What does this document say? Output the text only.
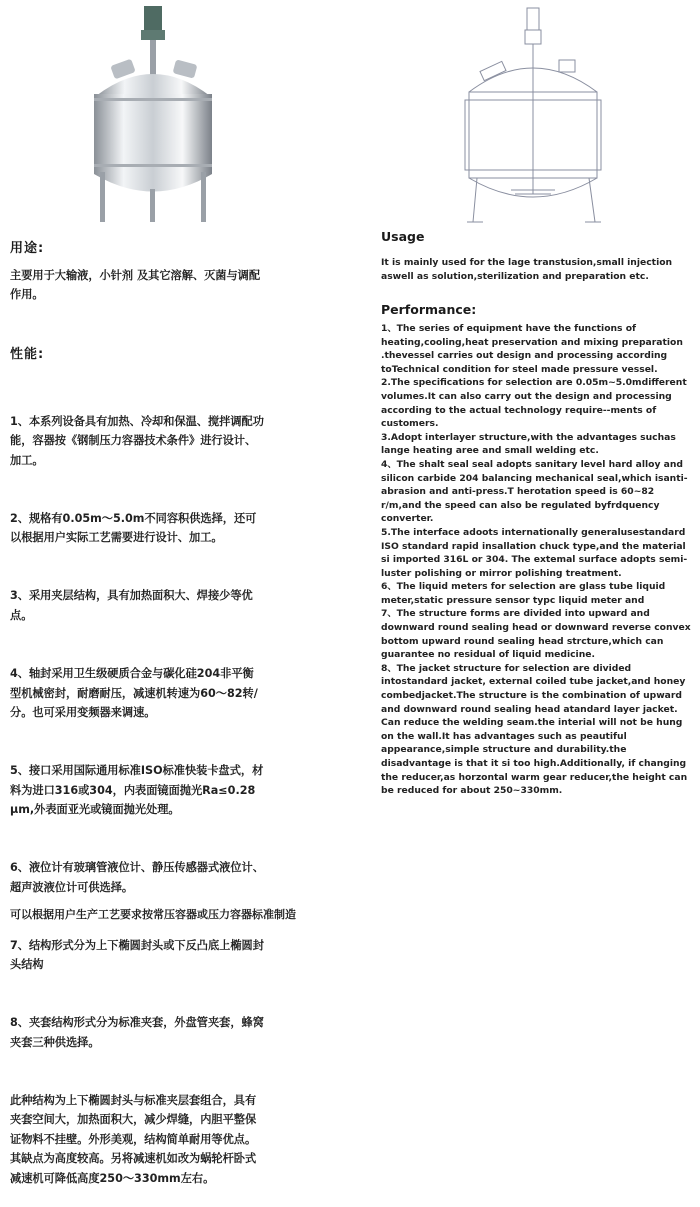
用途:

主要用于大输液，小针剂 及其它溶解、灭菌与调配作用。

性能:

1、本系列设备具有加热、冷却和保温、搅拌调配功能，容器按《钢制压力容器技术条件》进行设计、加工。

2、规格有0.05m～5.0m不同容积供选择，还可以根据用户实际工艺需要进行设计、加工。

3、采用夹层结构，具有加热面积大、焊接少等优点。

4、轴封采用卫生级硬质合金与碳化硅204非平衡型机械密封，耐磨耐压，减速机转速为60～82转/分。也可采用变频器来调速。

5、接口采用国际通用标准ISO标准快装卡盘式，材料为进口316或304，内表面镜面抛光Ra≤0.28 μm,外表面亚光或镜面抛光处理。

6、液位计有玻璃管液位计、静压传感器式液位计、超声波液位计可供选择。

7、结构形式分为上下椭圆封头或下反凸底上椭圆封头结构

8、夹套结构形式分为标准夹套，外盘管夹套，蜂窝夹套三种供选择。

此种结构为上下椭圆封头与标准夹层套组合，具有夹套空间大，加热面积大，减少焊缝，内胆平整保证物料不挂壁。外形美观，结构简单耐用等优点。其缺点为高度较高。另将减速机如改为蜗轮杆卧式减速机可降低高度250～330mm左右。

Usage

It is mainly used for the lage transtusion,small injection aswell as solution,sterilization and preparation etc.

Performance:

1、The series of equipment have the functions of heating,cooling,heat preservation and mixing preparation .thevessel carries out design and processing according toTechnical condition for steel made pressure vessel.

2.The specifications for selection are 0.05m~5.0mdifferent volumes.It can also carry out the design and processing according to the actual technology require--ments of customers.

3.Adopt interlayer structure,with the advantages suchas lange heating aree and small welding etc.

4、The shalt seal seal adopts sanitary level hard alloy and silicon carbide 204 balancing mechanical seal,which isanti-abrasion and anti-press.T herotation speed is 60~82 r/m,and the speed can also be regulated byfrdquency converter.

5.The interface adoots internationally generalusestandard ISO standard rapid insallation chuck type,and the material si imported 316L or 304. The extemal surface adopts semi-luster polishing or mirror polishing treatment.

6、The liquid meters for selection are glass tube liquid meter,static pressure sensor typc liquid meter and

7、The structure forms are divided into upward and downward round sealing head or downward reverse convex bottom upward round sealing head strcture,which can guarantee no residual of liquid medicine.

8、The jacket structure for selection are divided intostandard jacket, external coiled tube jacket,and honey combedjacket.The structure is the combination of upward and downward round sealing head atandard layer jacket. Can reduce the welding seam.the interial will not be hung on the wall.It has advantages such as peautiful appearance,simple structure and durability.the disadvantage is that it si too high.Additionally, if changing the reducer,as horzontal warm gear reducer,the height can be reduced for about 250~330mm.

可以根据用户生产工艺要求按常压容器或压力容器标准制造
